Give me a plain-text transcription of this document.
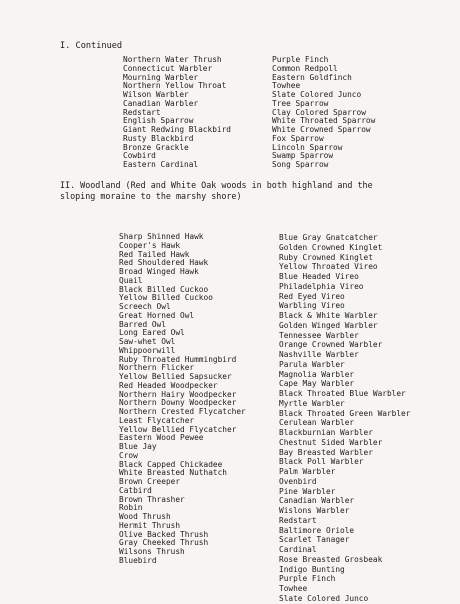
I. Continued
Northern Water Thrush
Connecticut Warbler
Mourning Warbler
Northern Yellow Throat
Wilson Warbler
Canadian Warbler
Redstart
English Sparrow
Giant Redwing Blackbird
Rusty Blackbird
Bronze Grackle
Cowbird
Eastern Cardinal
Purple Finch
Common Redpoll
Eastern Goldfinch
Towhee
Slate Colored Junco
Tree Sparrow
Clay Colored Sparrow
White Throated Sparrow
White Crowned Sparrow
Fox Sparrow
Lincoln Sparrow
Swamp Sparrow
Song Sparrow
II. Woodland (Red and White Oak woods in both highland and the sloping moraine to the marshy shore)
Sharp Shinned Hawk
Cooper's Hawk
Red Tailed Hawk
Red Shouldered Hawk
Broad Winged Hawk
Quail
Black Billed Cuckoo
Yellow Billed Cuckoo
Screech Owl
Great Horned Owl
Barred Owl
Long Eared Owl
Saw-whet Owl
Whippoorwill
Ruby Throated Hummingbird
Northern Flicker
Yellow Bellied Sapsucker
Red Headed Woodpecker
Northern Hairy Woodpecker
Northern Downy Woodpecker
Northern Crested Flycatcher
Least Flycatcher
Yellow Bellied Flycatcher
Eastern Wood Pewee
Blue Jay
Crow
Black Capped Chickadee
White Breasted Nuthatch
Brown Creeper
Catbird
Brown Thrasher
Robin
Wood Thrush
Hermit Thrush
Olive Backed Thrush
Gray Cheeked Thrush
Wilsons Thrush
Bluebird
Blue Gray Gnatcatcher
Golden Crowned Kinglet
Ruby Crowned Kinglet
Yellow Throated Vireo
Blue Headed Vireo
Philadelphia Vireo
Red Eyed Vireo
Warbling Vireo
Black & White Warbler
Golden Winged Warbler
Tennessee Warbler
Orange Crowned Warbler
Nashville Warbler
Parula Warbler
Magnolia Warbler
Cape May Warbler
Black Throated Blue Warbler
Myrtle Warbler
Black Throated Green Warbler
Cerulean Warbler
Blackburnian Warbler
Chestnut Sided Warbler
Bay Breasted Warbler
Black Poll Warbler
Palm Warbler
Ovenbird
Pine Warbler
Canadian Warbler
Wislons Warbler
Redstart
Baltimore Oriole
Scarlet Tanager
Cardinal
Rose Breasted Grosbeak
Indigo Bunting
Purple Finch
Towhee
Slate Colored Junco
